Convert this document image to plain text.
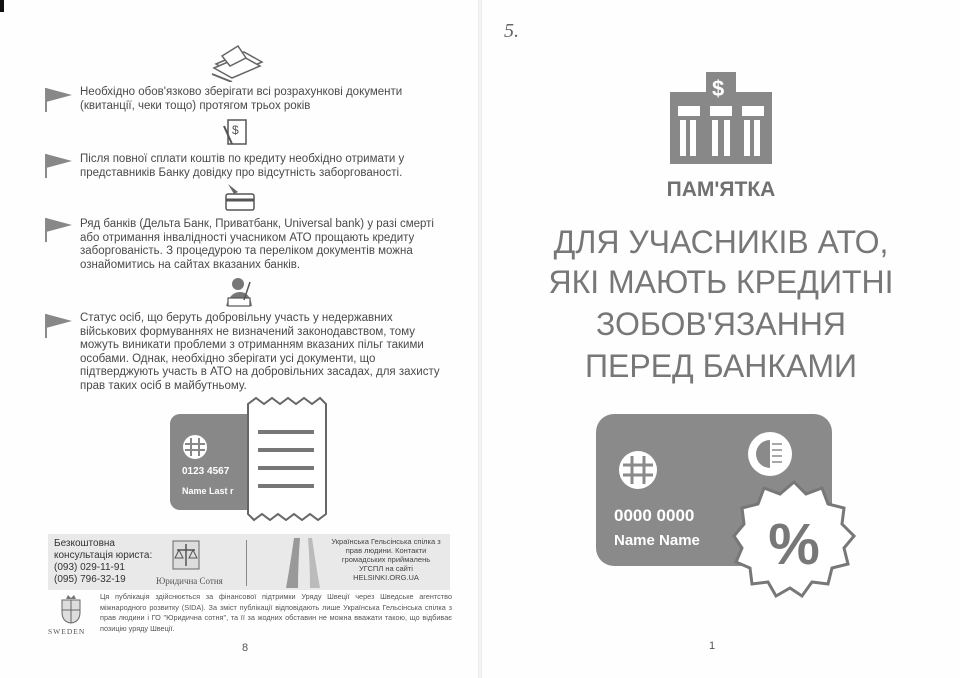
Необхідно обов'язково зберігати всі розрахункові документи (квитанції, чеки тощо) протягом трьох років

$

Після повної сплати коштів по кредиту необхідно отримати у представників Банку довідку про відсутність заборгованості.

Ряд банків (Дельта Банк, Приватбанк, Universal bank) у разі смерті або отримання інвалідності учасником АТО прощають кредиту заборгованість. З процедурою та переліком документів можна ознайомитись на сайтах вказаних банків.

Статус осіб, що беруть добровільну участь у недержавних військових формуваннях не визначений законодавством, тому можуть виникати проблеми з отриманням вказаних пільг такими особами. Однак, необхідно зберігати усі документи, що підтверджують участь в АТО на добровільних засадах, для захисту прав таких осіб в майбутньому.

0123 4567
Name Last r

Безкоштовна консультація юриста:

(093) 029-11-91
(095) 796-32-19	Юридична Сотня

Українська Гельсінська спілка з прав людини. Контакти громадських приймалень УГСПЛ на сайті HELSINKI.ORG.UA

SWEDEN

Ця публікація здійснюється за фінансової підтримки Уряду Швеції через Шведське агентство міжнародного розвитку (SIDA). За зміст публікації відповідають лише Українська Гельсінська спілка з прав людини і ГО "Юридична сотня", та її за жодних обставин не можна вважати такою, що відбиває позицію уряду Швеції.

8
5.
$
ПАМ'ЯТКА
ДЛЯ УЧАСНИКІВ АТО,
ЯКІ МАЮТЬ КРЕДИТНІ
ЗОБОВ'ЯЗАННЯ
ПЕРЕД БАНКАМИ
1
0000 0000
Name Name %
